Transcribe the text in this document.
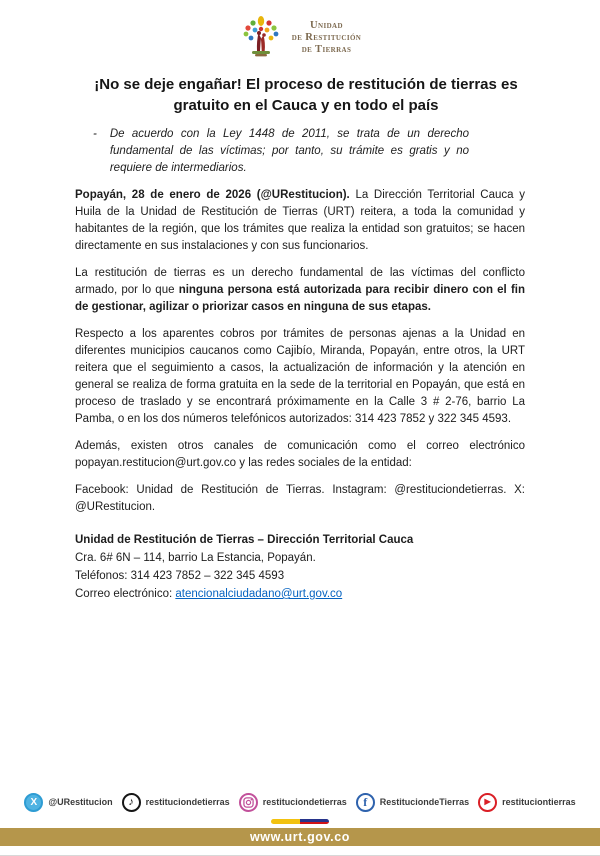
Unidad
de Restitución
de Tierras
¡No se deje engañar! El proceso de restitución de tierras es gratuito en el Cauca y en todo el país
- De acuerdo con la Ley 1448 de 2011, se trata de un derecho fundamental de las víctimas; por tanto, su trámite es gratis y no requiere de intermediarios.

Popayán, 28 de enero de 2026 (@URestitucion). La Dirección Territorial Cauca y Huila de la Unidad de Restitución de Tierras (URT) reitera, a toda la comunidad y habitantes de la región, que los trámites que realiza la entidad son gratuitos; se hacen directamente en sus instalaciones y con sus funcionarios.

La restitución de tierras es un derecho fundamental de las víctimas del conflicto armado, por lo que ninguna persona está autorizada para recibir dinero con el fin de gestionar, agilizar o priorizar casos en ninguna de sus etapas.

Respecto a los aparentes cobros por trámites de personas ajenas a la Unidad en diferentes municipios caucanos como Cajibío, Miranda, Popayán, entre otros, la URT reitera que el seguimiento a casos, la actualización de información y la atención en general se realiza de forma gratuita en la sede de la territorial en Popayán, que está en proceso de traslado y se encontrará próximamente en la Calle 3 # 2-76, barrio La Pamba, o en los dos números telefónicos autorizados: 314 423 7852 y 322 345 4593.

Además, existen otros canales de comunicación como el correo electrónico popayan.restitucion@urt.gov.co y las redes sociales de la entidad:

Facebook: Unidad de Restitución de Tierras. Instagram: @restituciondetierras. X: @URestitucion.

Unidad de Restitución de Tierras – Dirección Territorial Cauca
Cra. 6# 6N – 114, barrio La Estancia, Popayán.
Teléfonos: 314 423 7852 – 322 345 4593
Correo electrónico: atencionalciudadano@urt.gov.co
X @URestitucion ♪ restituciondetierras	restituciondetierras f RestituciondeTierras ▶ restituciontierras
www.urt.gov.co
